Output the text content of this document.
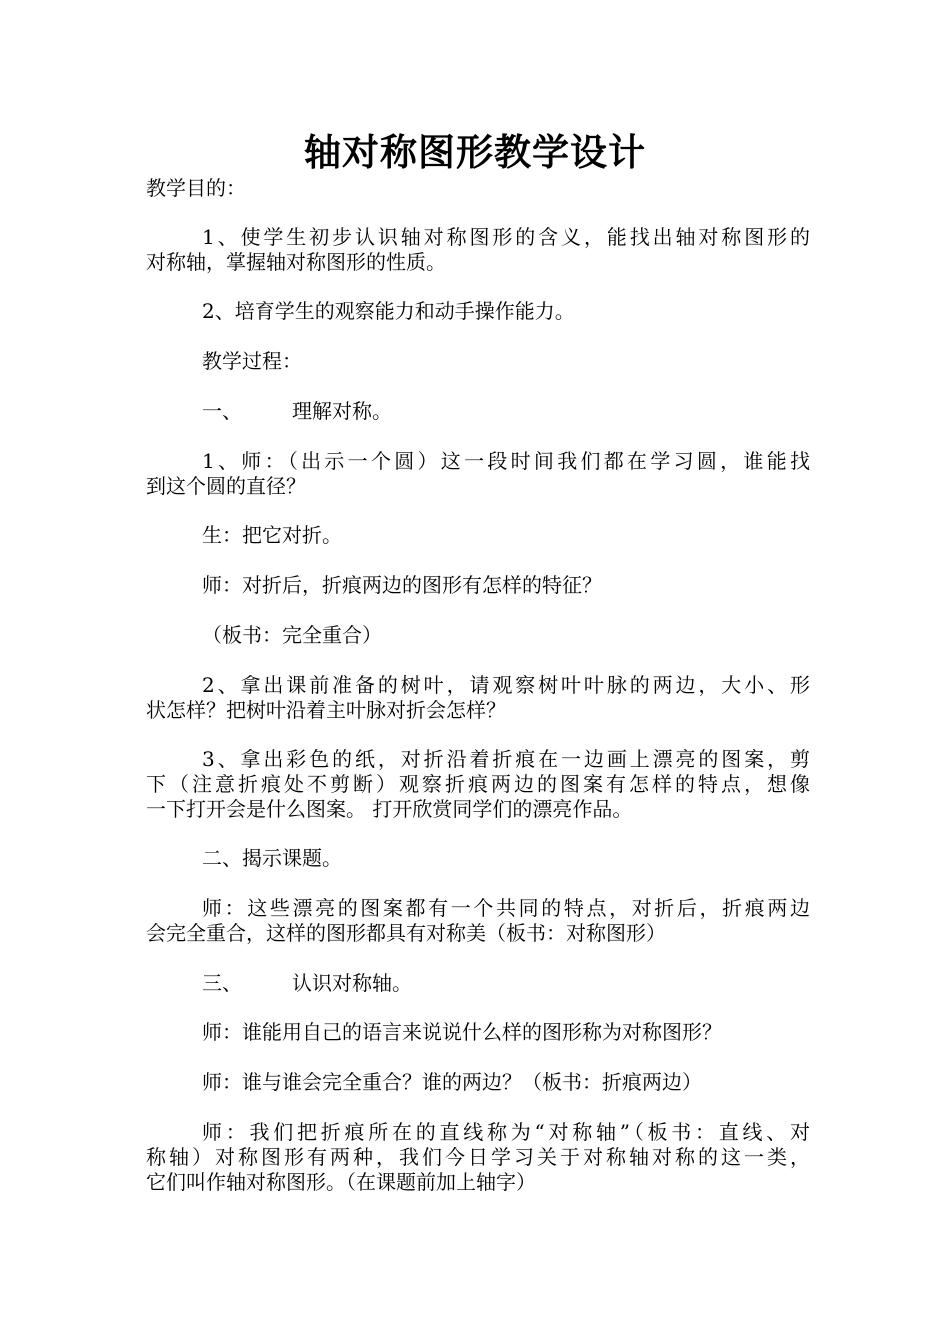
轴对称图形教学设计
教学目的：
1、使学生初步认识轴对称图形的含义，能找出轴对称图形的
对称轴，掌握轴对称图形的性质。
2、培育学生的观察能力和动手操作能力。
教学过程：
一、　　　理解对称。
1、师：（出示一个圆）这一段时间我们都在学习圆，谁能找
到这个圆的直径？
生：把它对折。
师：对折后，折痕两边的图形有怎样的特征？
（板书：完全重合）
2、拿出课前准备的树叶，请观察树叶叶脉的两边，大小、形
状怎样？把树叶沿着主叶脉对折会怎样？
3、拿出彩色的纸，对折沿着折痕在一边画上漂亮的图案，剪
下（注意折痕处不剪断）观察折痕两边的图案有怎样的特点，想像
一下打开会是什么图案。 打开欣赏同学们的漂亮作品。
二、揭示课题。
师：这些漂亮的图案都有一个共同的特点，对折后，折痕两边
会完全重合，这样的图形都具有对称美（板书：对称图形）
三、　　　认识对称轴。
师：谁能用自己的语言来说说什么样的图形称为对称图形？
师：谁与谁会完全重合？谁的两边？（板书：折痕两边）
师：我们把折痕所在的直线称为“对称轴”（板书：直线、对
称轴）对称图形有两种，我们今日学习关于对称轴对称的这一类，
它们叫作轴对称图形。（在课题前加上轴字）
